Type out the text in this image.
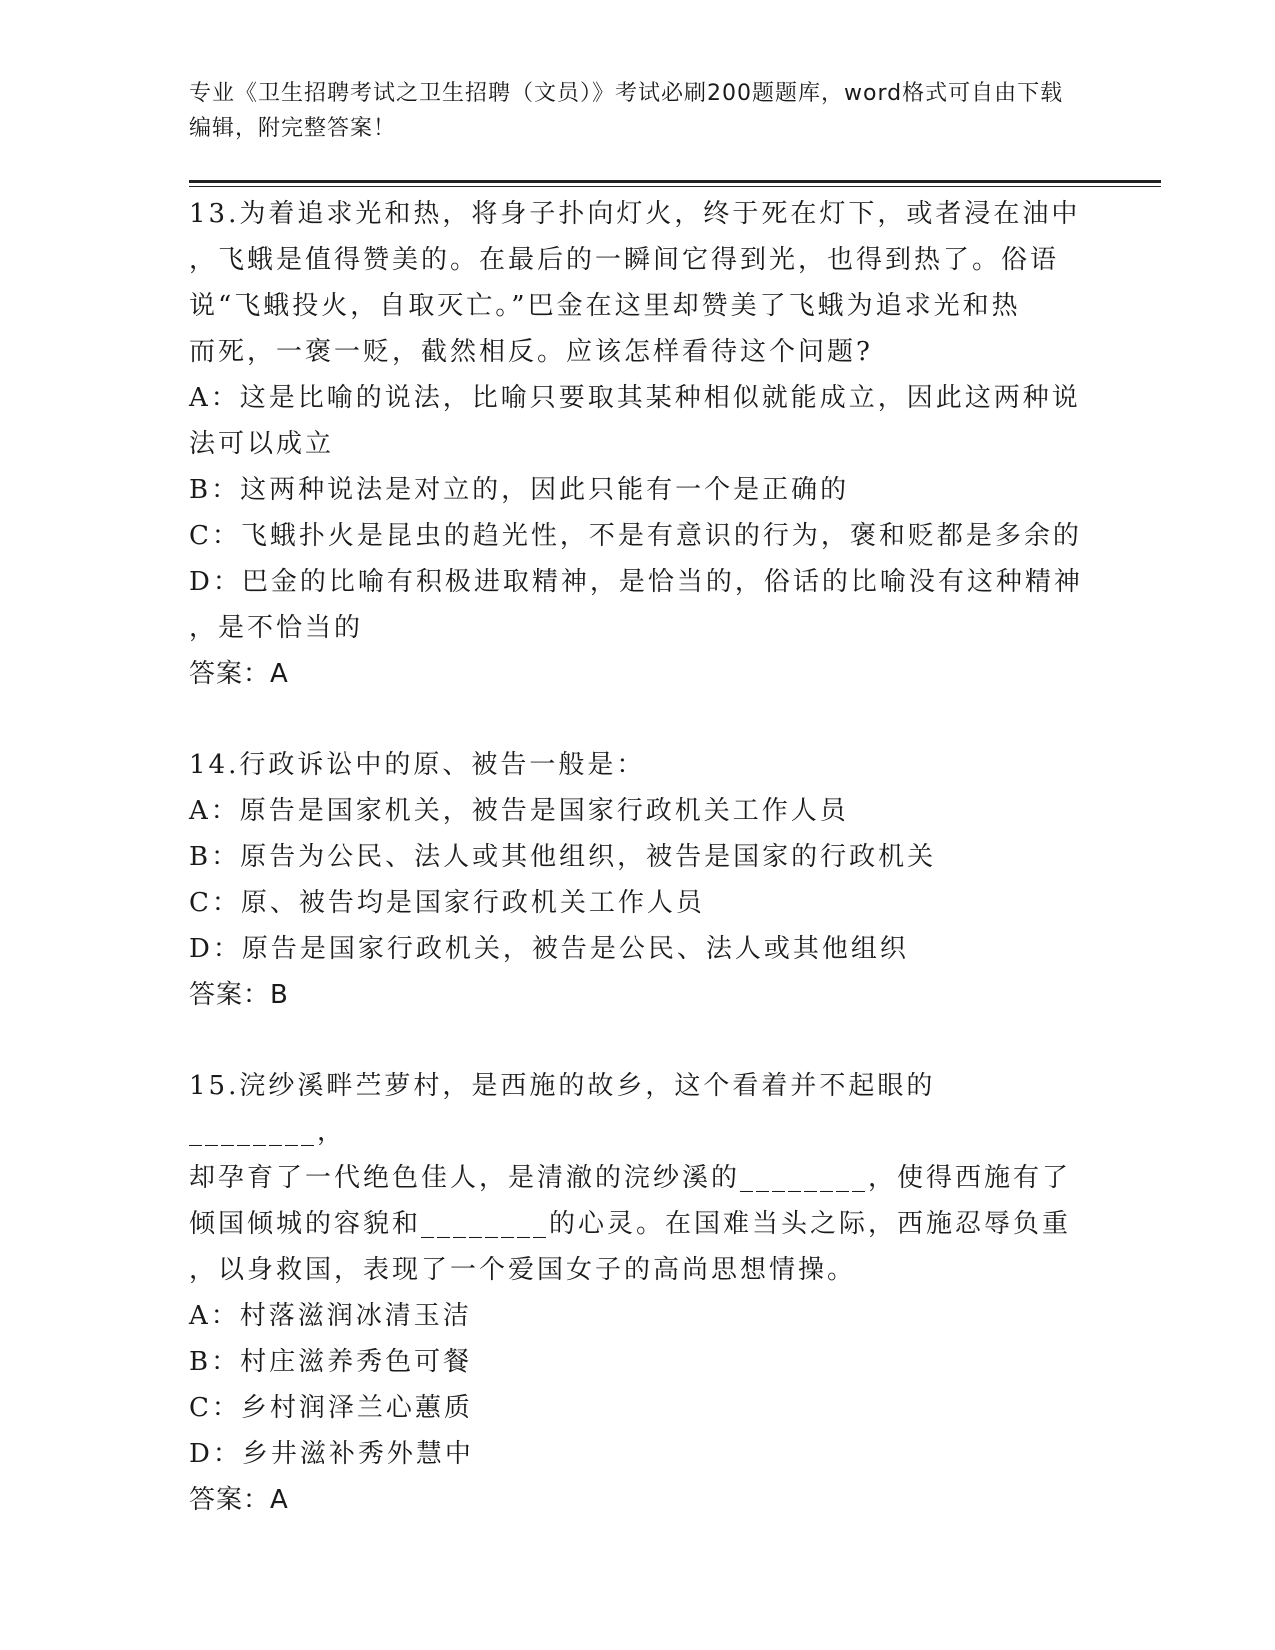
专业《卫生招聘考试之卫生招聘（文员）》考试必刷200题题库，word格式可自由下载编辑，附完整答案！
13.为着追求光和热，将身子扑向灯火，终于死在灯下，或者浸在油中
，飞蛾是值得赞美的。在最后的一瞬间它得到光，也得到热了。俗语
说“飞蛾投火，自取灭亡。”巴金在这里却赞美了飞蛾为追求光和热
而死，一褒一贬，截然相反。应该怎样看待这个问题?
A：这是比喻的说法，比喻只要取其某种相似就能成立，因此这两种说
法可以成立
B：这两种说法是对立的，因此只能有一个是正确的
C：飞蛾扑火是昆虫的趋光性，不是有意识的行为，褒和贬都是多余的
D：巴金的比喻有积极进取精神，是恰当的，俗话的比喻没有这种精神
，是不恰当的
答案：A
14.行政诉讼中的原、被告一般是：
A：原告是国家机关，被告是国家行政机关工作人员
B：原告为公民、法人或其他组织，被告是国家的行政机关
C：原、被告均是国家行政机关工作人员
D：原告是国家行政机关，被告是公民、法人或其他组织
答案：B
15.浣纱溪畔苎萝村，是西施的故乡，这个看着并不起眼的________，
却孕育了一代绝色佳人，是清澈的浣纱溪的________，使得西施有了
倾国倾城的容貌和________的心灵。在国难当头之际，西施忍辱负重
，以身救国，表现了一个爱国女子的高尚思想情操。
A：村落滋润冰清玉洁
B：村庄滋养秀色可餐
C：乡村润泽兰心蕙质
D：乡井滋补秀外慧中
答案：A
